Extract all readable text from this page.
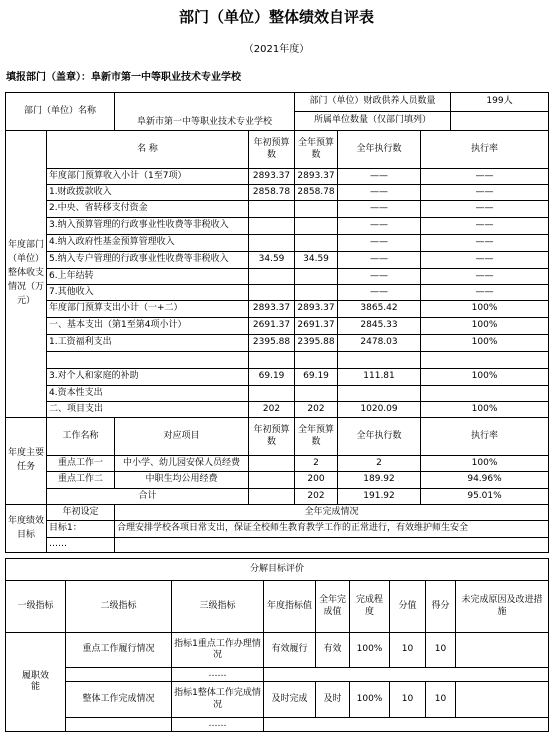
部门（单位）整体绩效自评表
（2021年度）
填报部门（盖章）：阜新市第一中等职业技术专业学校
部门（单位）名称		阜新市第一中等职业技术专业学校		部门（单位）财政供养人员数量			199人
				所属单位数量（仅部门填列）			
年度部门（单位）整体收支情况（万元）	名 称		年初预算数	全年预算数	全年执行数	执行率	
	年度部门预算收入小计（1至7项）		2893.37	2893.37	——	——	
	1.财政拨款收入		2858.78	2858.78	——	——	
	2.中央、省转移支付资金				——	——	
	3.纳入预算管理的行政事业性收费等非税收入				——	——	
	4.纳入政府性基金预算管理收入				——	——	
	5.纳入专户管理的行政事业性收费等非税收入		34.59	34.59	——	——	
	6.上年结转				——	——	
	7.其他收入				——	——	
	年度部门预算支出小计（一+二）		2893.37	2893.37	3865.42	100%	
	一、基本支出（第1至第4项小计）		2691.37	2691.37	2845.33	100%	
	1.工资福利支出		2395.88	2395.88	2478.03	100%	

	3.对个人和家庭的补助		69.19	69.19	111.81	100%	
	4.资本性支出						
	二、项目支出		202	202	1020.09	100%	
年度主要任务	工作名称	对应项目	年初预算数	全年预算数	全年执行数	执行率	
	重点工作一	中小学、幼儿园安保人员经费		2	2	100%	
	重点工作二	中职生均公用经费		200	189.92	94.96%	
	合计			202	191.92	95.01%	
年度绩效目标	年初设定	全年完成情况					
	目标1：	合理安排学校各项日常支出，保证全校师生教育教学工作的正常进行，有效维护师生安全					
	……						
分解目标评价								
一级指标	二级指标	三级指标	年度指标值	全年完成值	完成程度	分值	得分	未完成原因及改进措施
履职效能	重点工作履行情况	指标1重点工作办理情况	有效履行	有效	100%	10	10	
		……						
	整体工作完成情况	指标1整体工作完成情况	及时完成	及时	100%	10	10	
		……						
